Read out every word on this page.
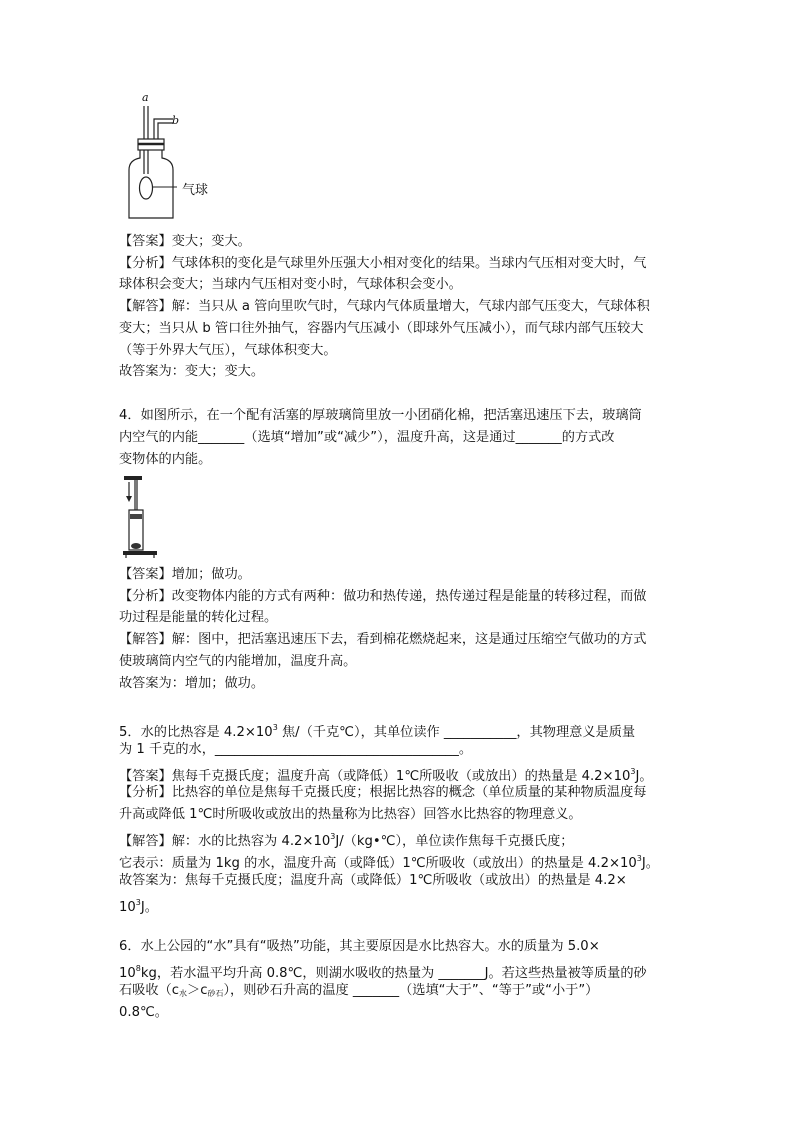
a
b
气球
【答案】变大；变大。
【分析】气球体积的变化是气球里外压强大小相对变化的结果。当球内气压相对变大时，气
球体积会变大；当球内气压相对变小时，气球体积会变小。
【解答】解：当只从 a 管向里吹气时，气球内气体质量增大，气球内部气压变大，气球体积
变大；当只从 b 管口往外抽气，容器内气压减小（即球外气压减小），而气球内部气压较大
（等于外界大气压），气球体积变大。
故答案为：变大；变大。
4．如图所示，在一个配有活塞的厚玻璃筒里放一小团硝化棉，把活塞迅速压下去，玻璃筒
内空气的内能_______（选填“增加”或“减少”），温度升高，这是通过_______的方式改
变物体的内能。
【答案】增加；做功。
【分析】改变物体内能的方式有两种：做功和热传递，热传递过程是能量的转移过程，而做
功过程是能量的转化过程。
【解答】解：图中，把活塞迅速压下去，看到棉花燃烧起来，这是通过压缩空气做功的方式
使玻璃筒内空气的内能增加，温度升高。
故答案为：增加；做功。
5．水的比热容是 $4.2\times 10^3$ 焦/（千克℃），其单位读作 ___________，其物理意义是质量
为 1 千克的水，_____________________________________。
【答案】焦每千克摄氏度；温度升高（或降低）1℃所吸收（或放出）的热量是 $4.2\times 10^3J$。
【分析】比热容的单位是焦每千克摄氏度；根据比热容的概念（单位质量的某种物质温度每
升高或降低 1℃时所吸收或放出的热量称为比热容）回答水比热容的物理意义。
【解答】解：水的比热容为 $4.2\times 10^3J/(kg•℃)$，单位读作焦每千克摄氏度；
它表示：质量为 1kg 的水，温度升高（或降低）1℃所吸收（或放出）的热量是 $4.2\times 10^3J$。
故答案为：焦每千克摄氏度；温度升高（或降低）1℃所吸收（或放出）的热量是 4.2×
$10^3J$。
6．水上公园的“水”具有“吸热”功能，其主要原因是水比热容大。水的质量为 5.0×
$10^8kg$，若水温平均升高 0.8℃，则湖水吸收的热量为 _______J。若这些热量被等质量的砂
石吸收$(c_水>c_{砂石})$，则砂石升高的温度 _______（选填“大于”、“等于”或“小于”）
0.8℃。
